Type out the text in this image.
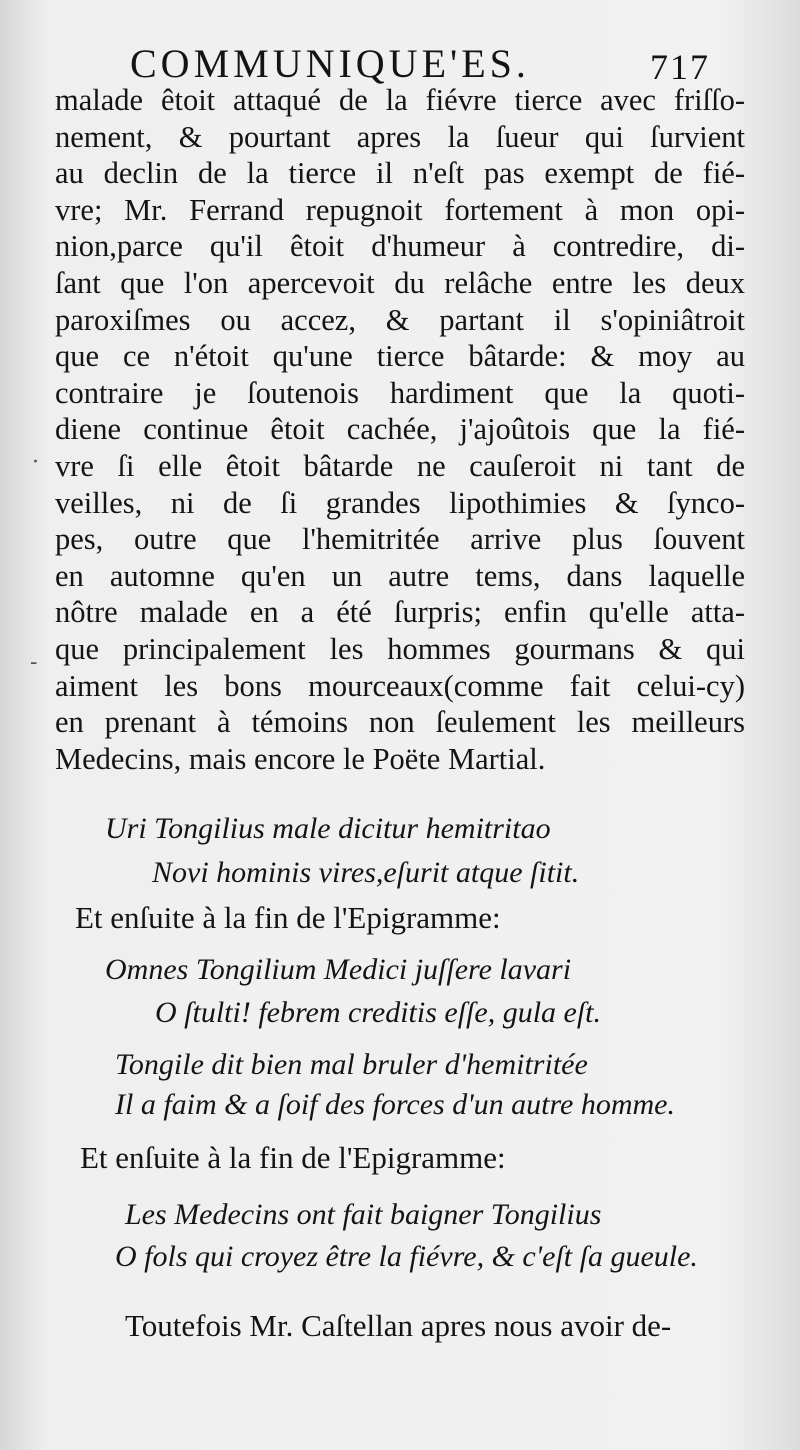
COMMUNIQUE'ES.	717
malade êtoit attaqué de la fiévre tierce avec friſſo-
nement, & pourtant apres la ſueur qui ſurvient
au declin de la tierce il n'eſt pas exempt de fié-
vre; Mr. Ferrand repugnoit fortement à mon opi-
nion,parce qu'il êtoit d'humeur à contredire, di-
ſant que l'on apercevoit du relâche entre les deux
paroxiſmes ou accez, & partant il s'opiniâtroit
que ce n'étoit qu'une tierce bâtarde: & moy au
contraire je ſoutenois hardiment que la quoti-
diene continue êtoit cachée, j'ajoûtois que la fié-
vre ſi elle êtoit bâtarde ne cauſeroit ni tant de
veilles, ni de ſi grandes lipothimies & ſynco-
pes, outre que l'hemitritée arrive plus ſouvent
en automne qu'en un autre tems, dans laquelle
nôtre malade en a été ſurpris; enfin qu'elle atta-
que principalement les hommes gourmans & qui
aiment les bons mourceaux(comme fait celui-cy)
en prenant à témoins non ſeulement les meilleurs
Medecins, mais encore le Poëte Martial.
Uri Tongilius male dicitur hemitritao
Novi hominis vires,eſurit atque ſitit.
Et enſuite à la fin de l'Epigramme:
Omnes Tongilium Medici juſſere lavari
O ſtulti! febrem creditis eſſe, gula eſt.
Tongile dit bien mal bruler d'hemitritée
Il a faim & a ſoif des forces d'un autre homme.
Et enſuite à la fin de l'Epigramme:
Les Medecins ont fait baigner Tongilius
O fols qui croyez être la fiévre, & c'eſt ſa gueule.
Toutefois Mr. Caſtellan apres nous avoir de-
·
-
